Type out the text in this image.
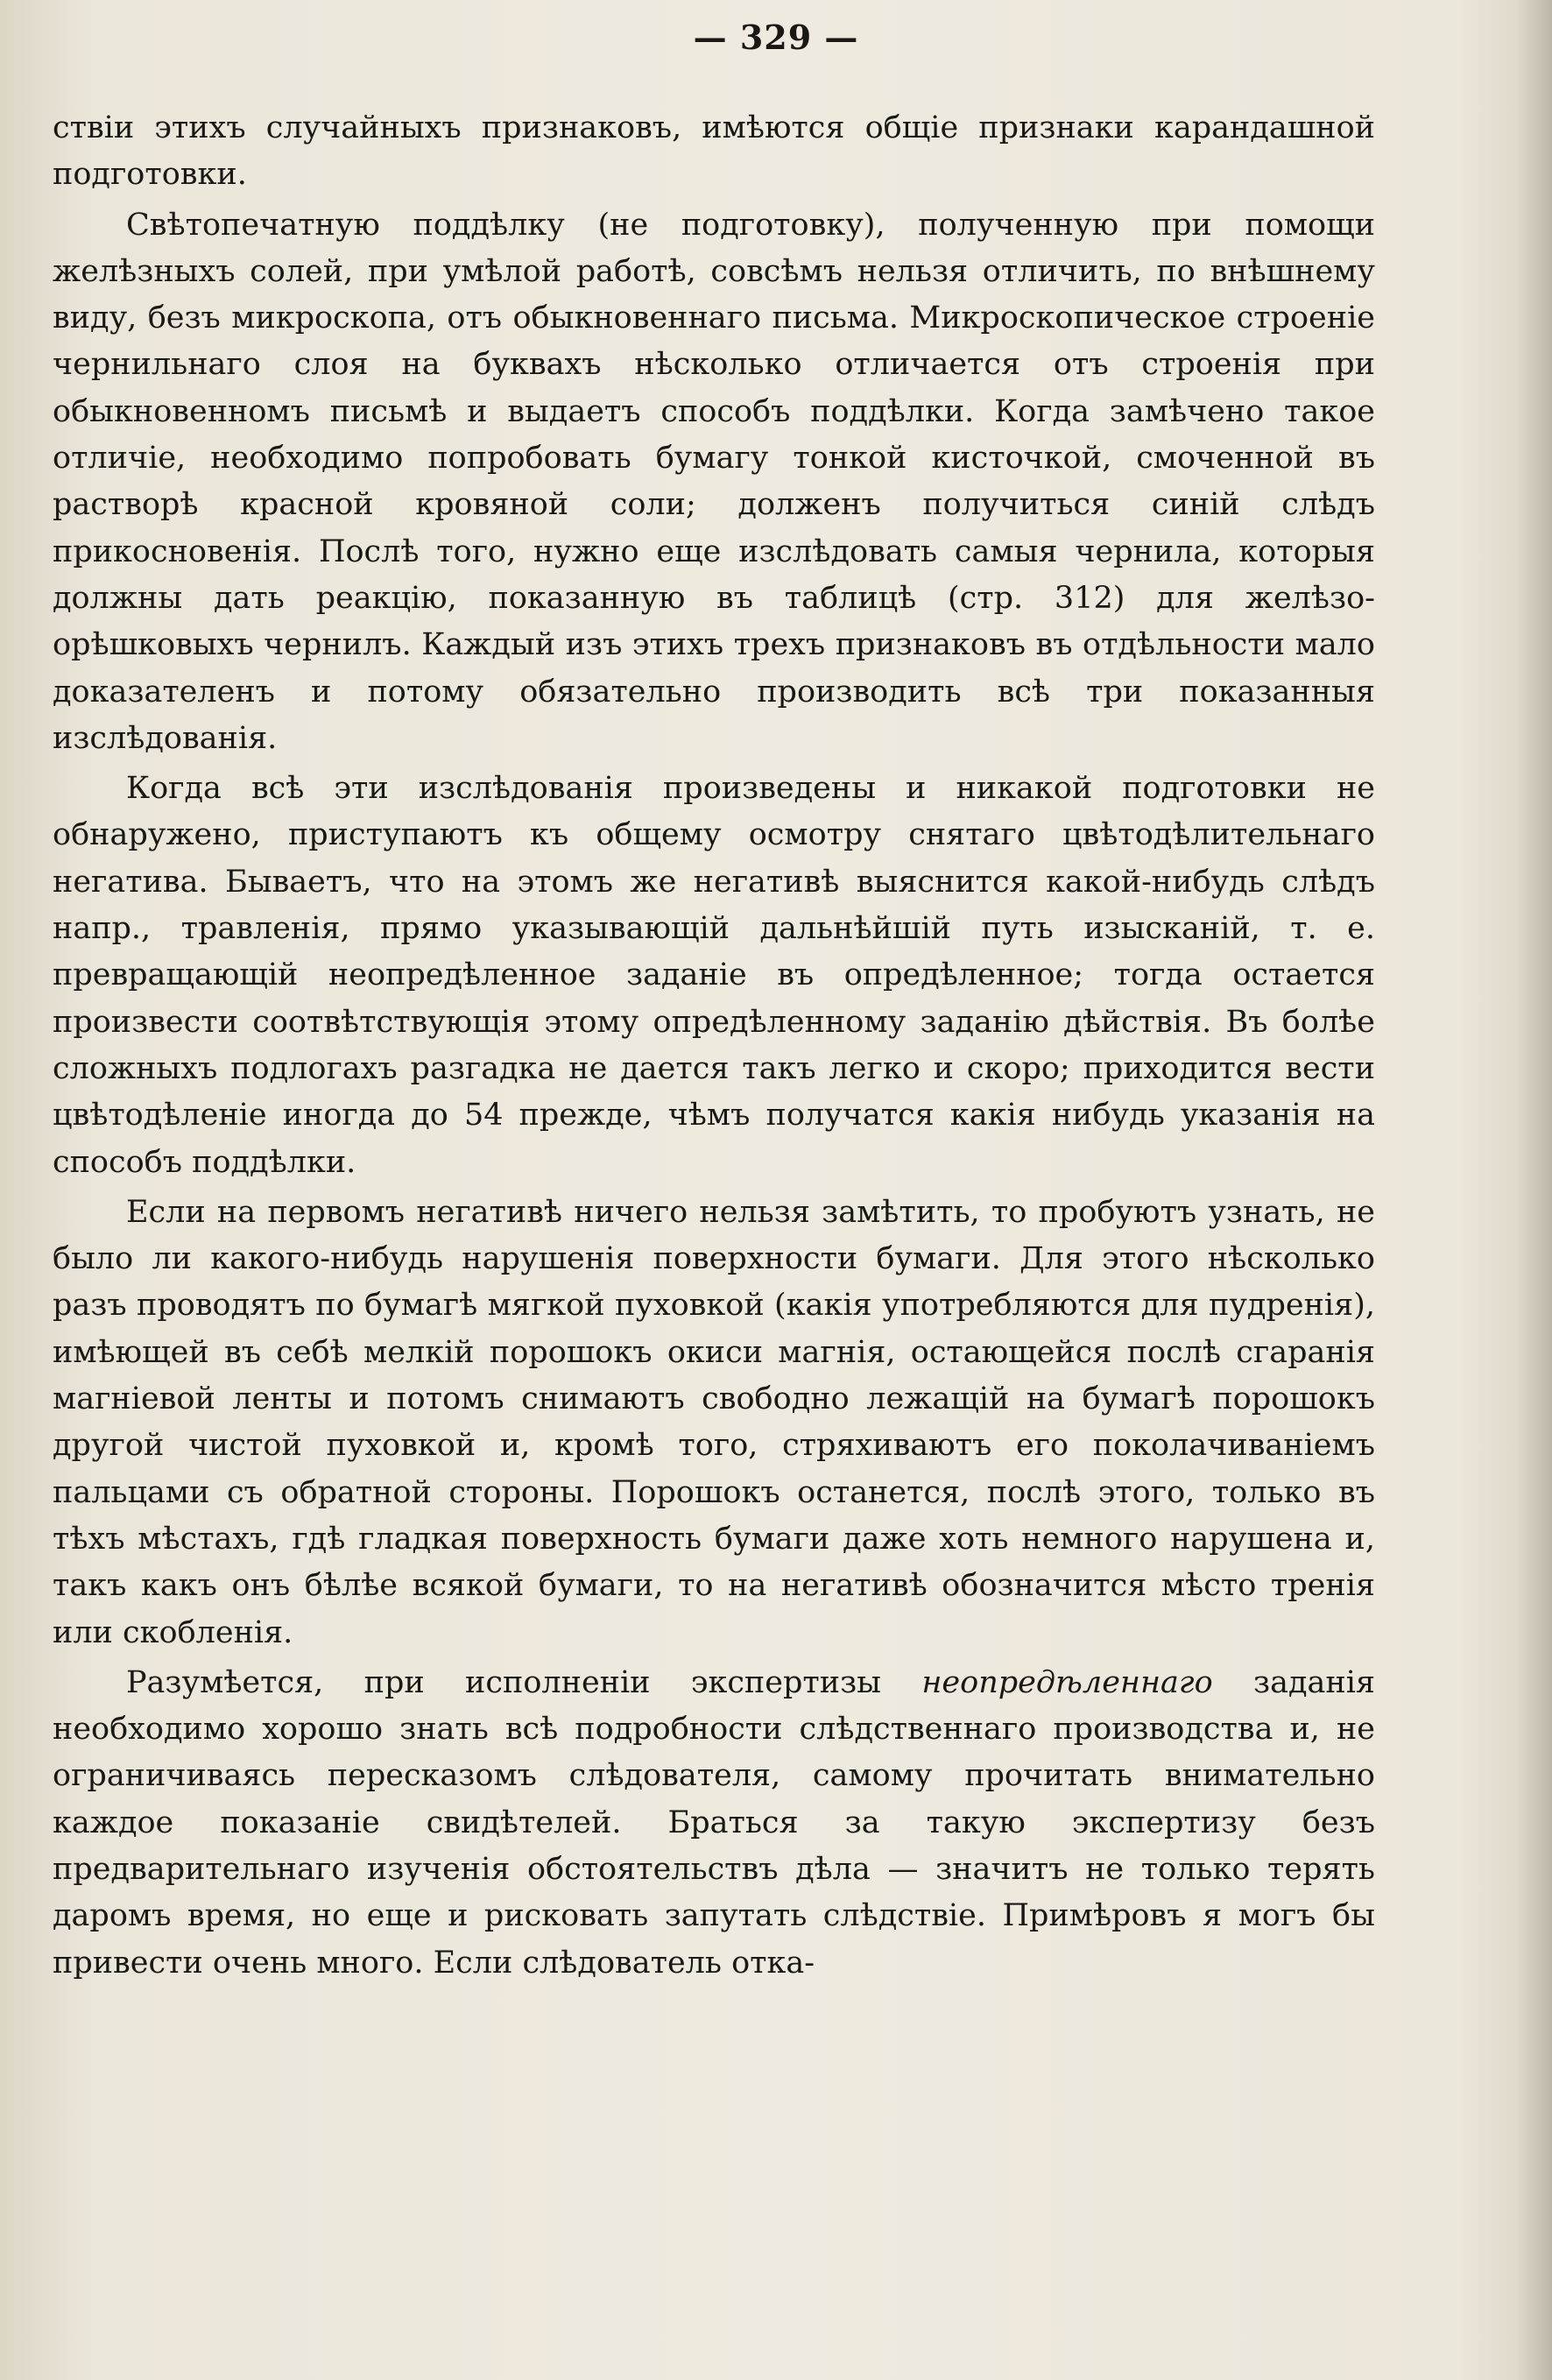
— 329 —

ствіи этихъ случайныхъ признаковъ, имѣются общіе признаки карандашной подготовки.

Свѣтопечатную поддѣлку (не подготовку), полученную при помощи желѣзныхъ солей, при умѣлой работѣ, совсѣмъ нельзя отличить, по внѣшнему виду, безъ микроскопа, отъ обыкновеннаго письма. Микроскопическое строеніе чернильнаго слоя на буквахъ нѣсколько отличается отъ строенія при обыкновенномъ письмѣ и выдаетъ способъ поддѣлки. Когда замѣчено такое отличіе, необходимо попробовать бумагу тонкой кисточкой, смоченной въ растворѣ красной кровяной соли; долженъ получиться синій слѣдъ прикосновенія. Послѣ того, нужно еще изслѣдовать самыя чернила, которыя должны дать реакцію, показанную въ таблицѣ (стр. 312) для желѣзо-орѣшковыхъ чернилъ. Каждый изъ этихъ трехъ признаковъ въ отдѣльности мало доказателенъ и потому обязательно производить всѣ три показанныя изслѣдованія.

Когда всѣ эти изслѣдованія произведены и никакой подготовки не обнаружено, приступаютъ къ общему осмотру снятаго цвѣтодѣлительнаго негатива. Бываетъ, что на этомъ же негативѣ выяснится какой-нибудь слѣдъ напр., травленія, прямо указывающій дальнѣйшій путь изысканій, т. е. превращающій неопредѣленное заданіе въ опредѣленное; тогда остается произвести соотвѣтствующія этому опредѣленному заданію дѣйствія. Въ болѣе сложныхъ подлогахъ разгадка не дается такъ легко и скоро; приходится вести цвѣтодѣленіе иногда до 54 прежде, чѣмъ получатся какія нибудь указанія на способъ поддѣлки.

Если на первомъ негативѣ ничего нельзя замѣтить, то пробуютъ узнать, не было ли какого-нибудь нарушенія поверхности бумаги. Для этого нѣсколько разъ проводятъ по бумагѣ мягкой пуховкой (какія употребляются для пудренія), имѣющей въ себѣ мелкій порошокъ окиси магнія, остающейся послѣ сгаранія магніевой ленты и потомъ снимаютъ свободно лежащій на бумагѣ порошокъ другой чистой пуховкой и, кромѣ того, стряхиваютъ его поколачиваніемъ пальцами съ обратной стороны. Порошокъ останется, послѣ этого, только въ тѣхъ мѣстахъ, гдѣ гладкая поверхность бумаги даже хоть немного нарушена и, такъ какъ онъ бѣлѣе всякой бумаги, то на негативѣ обозначится мѣсто тренія или скобленія.

Разумѣется, при исполненіи экспертизы неопредѣленнаго заданія необходимо хорошо знать всѣ подробности слѣдственнаго производства и, не ограничиваясь пересказомъ слѣдователя, самому прочитать внимательно каждое показаніе свидѣтелей. Браться за такую экспертизу безъ предварительнаго изученія обстоятельствъ дѣла — значитъ не только терять даромъ время, но еще и рисковать запутать слѣдствіе. Примѣровъ я могъ бы привести очень много. Если слѣдователь отка-
